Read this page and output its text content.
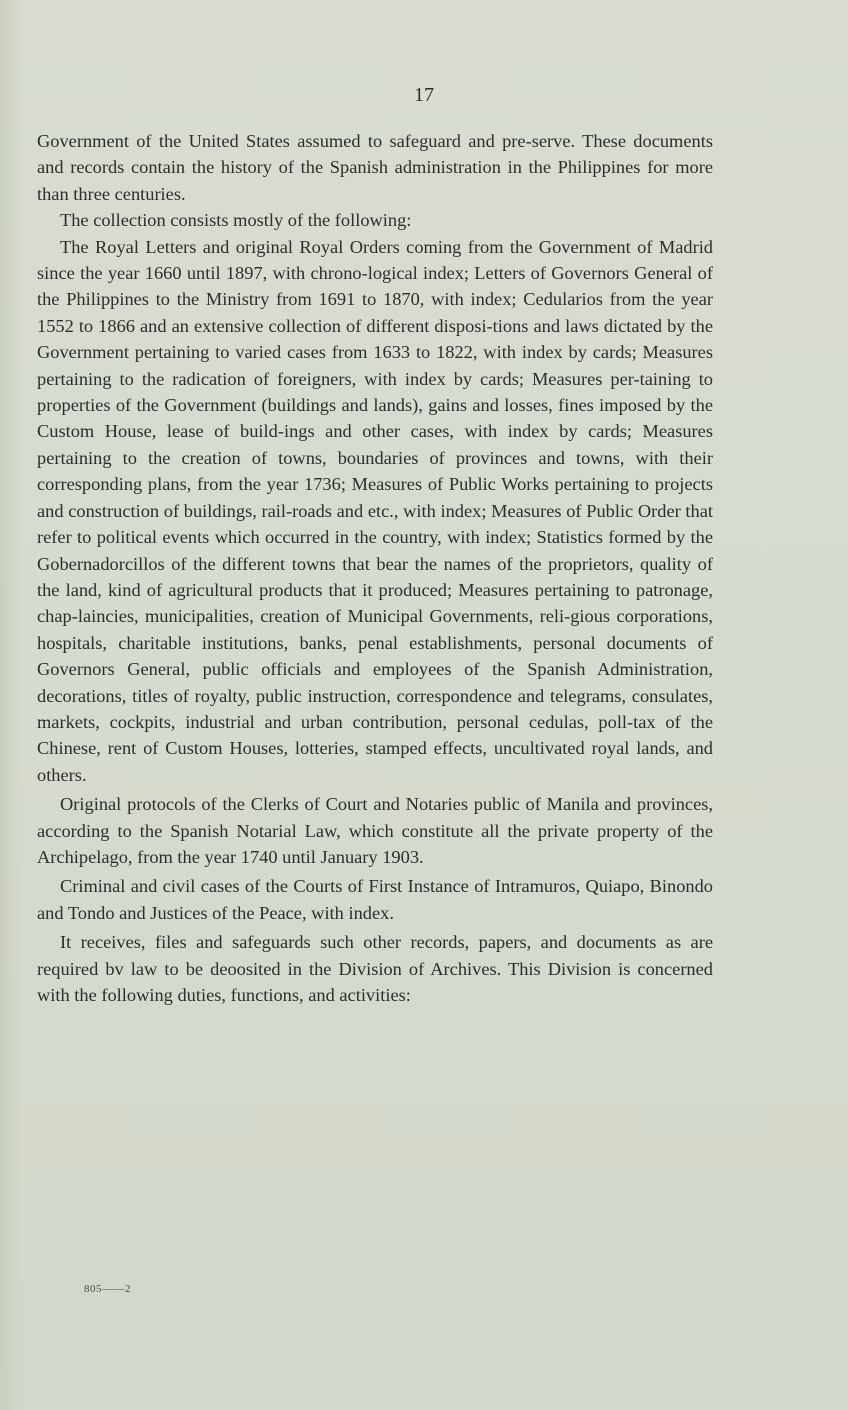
17

Government of the United States assumed to safeguard and pre-serve. These documents and records contain the history of the Spanish administration in the Philippines for more than three centuries.

The collection consists mostly of the following:

The Royal Letters and original Royal Orders coming from the Government of Madrid since the year 1660 until 1897, with chrono-logical index; Letters of Governors General of the Philippines to the Ministry from 1691 to 1870, with index; Cedularios from the year 1552 to 1866 and an extensive collection of different disposi-tions and laws dictated by the Government pertaining to varied cases from 1633 to 1822, with index by cards; Measures pertaining to the radication of foreigners, with index by cards; Measures per-taining to properties of the Government (buildings and lands), gains and losses, fines imposed by the Custom House, lease of build-ings and other cases, with index by cards; Measures pertaining to the creation of towns, boundaries of provinces and towns, with their corresponding plans, from the year 1736; Measures of Public Works pertaining to projects and construction of buildings, rail-roads and etc., with index; Measures of Public Order that refer to political events which occurred in the country, with index; Statistics formed by the Gobernadorcillos of the different towns that bear the names of the proprietors, quality of the land, kind of agricultural products that it produced; Measures pertaining to patronage, chap-laincies, municipalities, creation of Municipal Governments, reli-gious corporations, hospitals, charitable institutions, banks, penal establishments, personal documents of Governors General, public officials and employees of the Spanish Administration, decorations, titles of royalty, public instruction, correspondence and telegrams, consulates, markets, cockpits, industrial and urban contribution, personal cedulas, poll-tax of the Chinese, rent of Custom Houses, lotteries, stamped effects, uncultivated royal lands, and others.

Original protocols of the Clerks of Court and Notaries public of Manila and provinces, according to the Spanish Notarial Law, which constitute all the private property of the Archipelago, from the year 1740 until January 1903.

Criminal and civil cases of the Courts of First Instance of Intramuros, Quiapo, Binondo and Tondo and Justices of the Peace, with index.

It receives, files and safeguards such other records, papers, and documents as are required bv law to be deoosited in the Division of Archives. This Division is concerned with the following duties, functions, and activities:

805——2
